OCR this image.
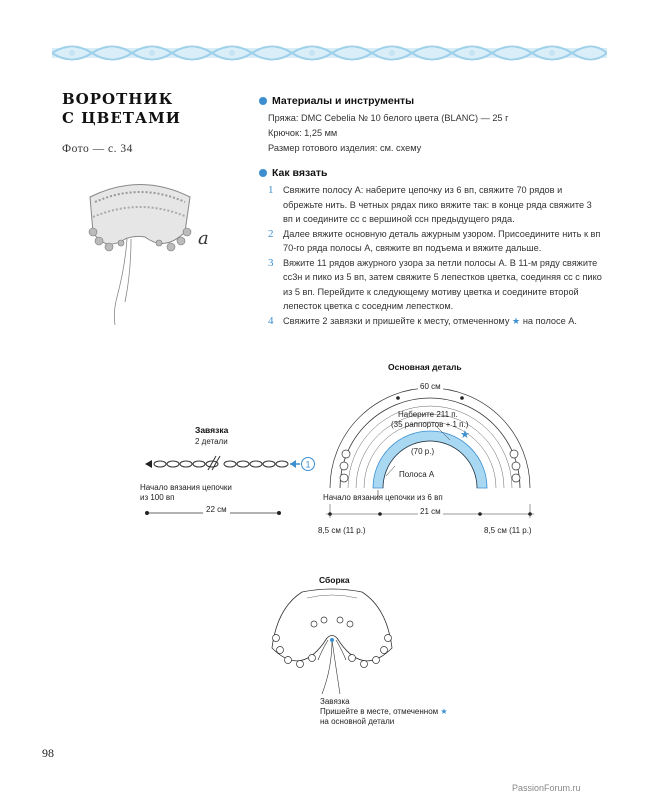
ВОРОТНИК
С ЦВЕТАМИ
Фото — с. 34
a
Материалы и инструменты
Пряжа: DMC Cebelia № 10 белого цвета (BLANC) — 25 г
Крючок: 1,25 мм
Размер готового изделия: см. схему
Как вязать
1	Свяжите полосу A: наберите цепочку из 6 вп, свяжите 70 рядов и обрежьте нить. В четных рядах пико вяжите так: в конце ряда свяжите 3 вп и соедините сс с вершиной ссн предыдущего ряда.
2	Далее вяжите основную деталь ажурным узором. Присоедините нить к вп 70-го ряда полосы A, свяжите вп подъема и вяжите дальше.
3	Вяжите 11 рядов ажурного узора за петли полосы A. В 11-м ряду свяжите сс3н и пико из 5 вп, затем свяжите 5 лепестков цветка, соединяя сс с пико из 5 вп. Перейдите к следующему мотиву цветка и соедините второй лепесток цветка с соседним лепестком.
4	Свяжите 2 завязки и пришейте к месту, отмеченному ★ на полосе A.
Завязка
2 детали
1
Начало вязания цепочки
из 100 вп
22 см
Основная деталь
★
60 см
Наберите 211 п.
(35 раппортов + 1 п.)
(70 р.)
Полоса A
Начало вязания цепочки из 6 вп
21 см
8,5 см (11 р.)	8,5 см (11 р.)
Сборка
Завязка
Пришейте в месте, отмеченном ★
на основной детали
98
PassionForum.ru
